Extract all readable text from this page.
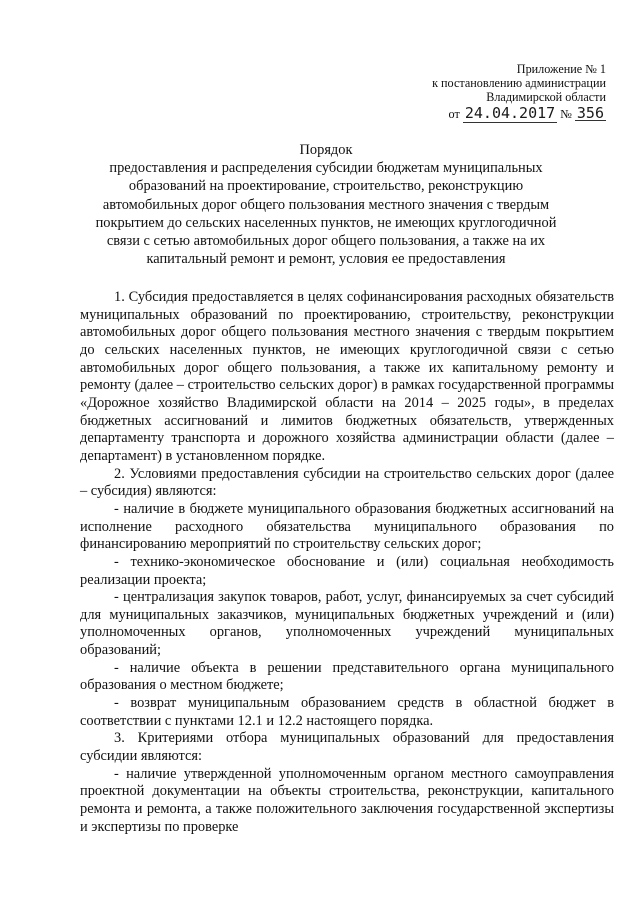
Приложение № 1
к постановлению администрации
Владимирской области
от 24.04.2017 № 356
Порядок
предоставления и распределения субсидии бюджетам муниципальных образований на проектирование, строительство, реконструкцию автомобильных дорог общего пользования местного значения с твердым покрытием до сельских населенных пунктов, не имеющих круглогодичной связи с сетью автомобильных дорог общего пользования, а также на их капитальный ремонт и ремонт, условия ее предоставления

1. Субсидия предоставляется в целях софинансирования расходных обязательств муниципальных образований по проектированию, строительству, реконструкции автомобильных дорог общего пользования местного значения с твердым покрытием до сельских населенных пунктов, не имеющих круглогодичной связи с сетью автомобильных дорог общего пользования, а также их капитальному ремонту и ремонту (далее – строительство сельских дорог) в рамках государственной программы «Дорожное хозяйство Владимирской области на 2014 – 2025 годы», в пределах бюджетных ассигнований и лимитов бюджетных обязательств, утвержденных департаменту транспорта и дорожного хозяйства администрации области (далее – департамент) в установленном порядке.

2. Условиями предоставления субсидии на строительство сельских дорог (далее – субсидия) являются:

- наличие в бюджете муниципального образования бюджетных ассигнований на исполнение расходного обязательства муниципального образования по финансированию мероприятий по строительству сельских дорог;

- технико-экономическое обоснование и (или) социальная необходимость реализации проекта;

- централизация закупок товаров, работ, услуг, финансируемых за счет субсидий для муниципальных заказчиков, муниципальных бюджетных учреждений и (или) уполномоченных органов, уполномоченных учреждений муниципальных образований;

- наличие объекта в решении представительного органа муниципального образования о местном бюджете;

- возврат муниципальным образованием средств в областной бюджет в соответствии с пунктами 12.1 и 12.2 настоящего порядка.

3. Критериями отбора муниципальных образований для предоставления субсидии являются:

- наличие утвержденной уполномоченным органом местного самоуправления проектной документации на объекты строительства, реконструкции, капитального ремонта и ремонта, а также положительного заключения государственной экспертизы и экспертизы по проверке
